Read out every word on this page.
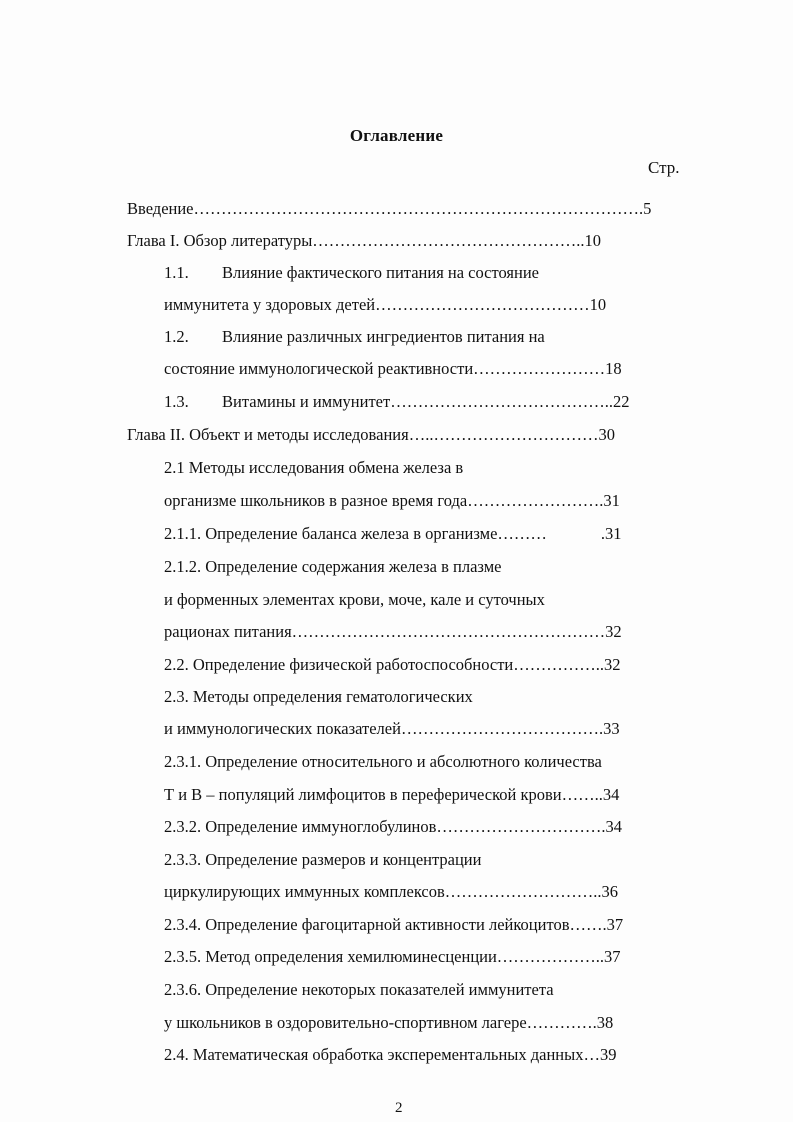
Оглавление
Стр.
Введение……………………………………………………………………….5
Глава I. Обзор литературы…………………………………………..10
1.1. Влияние фактического питания на состояние
иммунитета у здоровых детей…………………………………10
1.2. Влияние различных ингредиентов питания на
состояние иммунологической реактивности……………………18
1.3. Витамины и иммунитет…………………………………..22
Глава II. Объект и методы исследования…..…………………………30
2.1 Методы исследования обмена железа в
организме школьников в разное время года…………………….31
2.1.1. Определение баланса железа в организме………	.31
2.1.2. Определение содержания железа в плазме
и форменных элементах крови, моче, кале и суточных
рационах питания…………………………………………………32
2.2. Определение физической работоспособности……………..32
2.3. Методы определения гематологических
и иммунологических показателей……………………………….33
2.3.1. Определение относительного и абсолютного количества
Т и В – популяций лимфоцитов в переферической крови……..34
2.3.2. Определение иммуноглобулинов………………………….34
2.3.3. Определение размеров и концентрации
циркулирующих иммунных комплексов………………………..36
2.3.4. Определение фагоцитарной активности лейкоцитов…….37
2.3.5. Метод определения хемилюминесценции………………..37
2.3.6. Определение некоторых показателей иммунитета
у школьников в оздоровительно-спортивном лагере………….38
2.4. Математическая обработка эксперементальных данных…39
2
